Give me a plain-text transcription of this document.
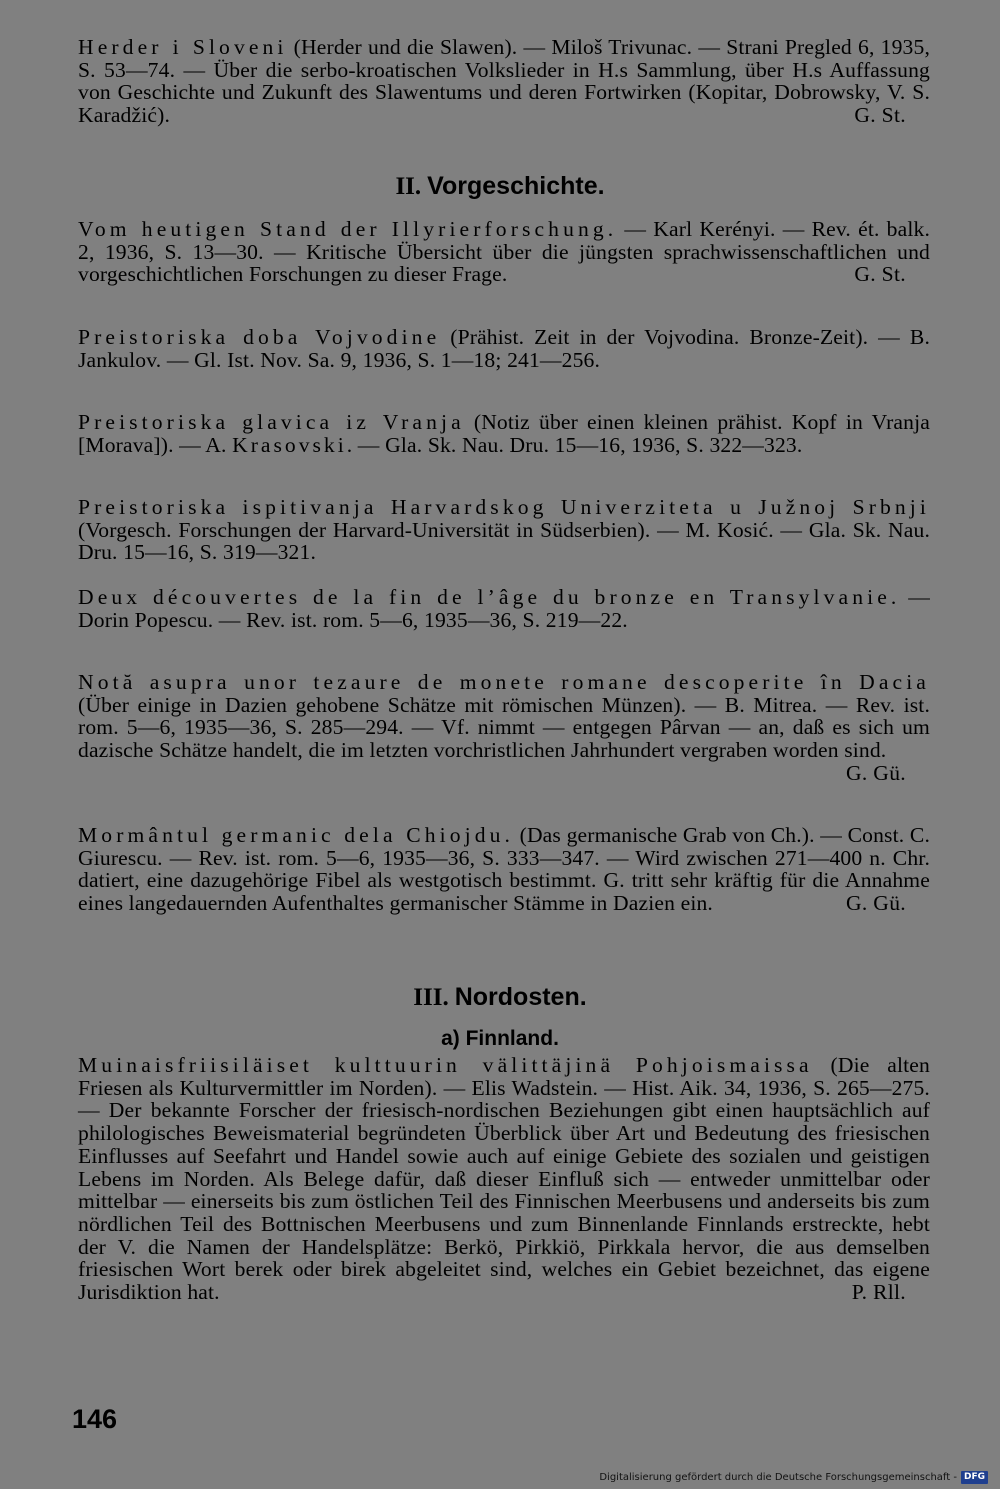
Herder i Sloveni (Herder und die Slawen). — Miloš Trivunac. — Strani Pregled 6, 1935, S. 53—74. — Über die serbo-kroatischen Volkslieder in H.s Sammlung, über H.s Auffassung von Geschichte und Zukunft des Slawentums und deren Fortwirken (Kopitar, Dobrowsky, V. S. Karadžić).	G. St.

II. Vorgeschichte.

Vom heutigen Stand der Illyrierforschung. — Karl Kerényi. — Rev. ét. balk. 2, 1936, S. 13—30. — Kritische Übersicht über die jüngsten sprachwissenschaftlichen und vorgeschichtlichen Forschungen zu dieser Frage.	G. St.

Preistoriska doba Vojvodine (Prähist. Zeit in der Vojvodina. Bronze-Zeit). — B. Jankulov. — Gl. Ist. Nov. Sa. 9, 1936, S. 1—18; 241—256.

Preistoriska glavica iz Vranja (Notiz über einen kleinen prähist. Kopf in Vranja [Morava]). — A. Krasovski. — Gla. Sk. Nau. Dru. 15—16, 1936, S. 322—323.

Preistoriska ispitivanja Harvardskog Univerziteta u Južnoj Srbnji (Vorgesch. Forschungen der Harvard-Universität in Südserbien). — M. Kosić. — Gla. Sk. Nau. Dru. 15—16, S. 319—321.

Deux découvertes de la fin de l’âge du bronze en Transylvanie. — Dorin Popescu. — Rev. ist. rom. 5—6, 1935—36, S. 219—22.

Notă asupra unor tezaure de monete romane descoperite în Dacia (Über einige in Dazien gehobene Schätze mit römischen Münzen). — B. Mitrea. — Rev. ist. rom. 5—6, 1935—36, S. 285—294. — Vf. nimmt — entgegen Pârvan — an, daß es sich um dazische Schätze handelt, die im letzten vorchristlichen Jahrhundert vergraben worden sind.
G. Gü.

Mormântul germanic dela Chiojdu. (Das germanische Grab von Ch.). — Const. C. Giurescu. — Rev. ist. rom. 5—6, 1935—36, S. 333—347. — Wird zwischen 271—400 n. Chr. datiert, eine dazugehörige Fibel als westgotisch bestimmt. G. tritt sehr kräftig für die Annahme eines langedauernden Aufenthaltes germanischer Stämme in Dazien ein.	G. Gü.

III. Nordosten.
a) Finnland.

Muinaisfriisiläiset kulttuurin välittäjinä Pohjoismaissa (Die alten Friesen als Kulturvermittler im Norden). — Elis Wadstein. — Hist. Aik. 34, 1936, S. 265—275. — Der bekannte Forscher der friesisch-nordischen Beziehungen gibt einen hauptsächlich auf philologisches Beweismaterial begründeten Überblick über Art und Bedeutung des friesischen Einflusses auf Seefahrt und Handel sowie auch auf einige Gebiete des sozialen und geistigen Lebens im Norden. Als Belege dafür, daß dieser Einfluß sich — entweder unmittelbar oder mittelbar — einerseits bis zum östlichen Teil des Finnischen Meerbusens und anderseits bis zum nördlichen Teil des Bottnischen Meerbusens und zum Binnenlande Finnlands erstreckte, hebt der V. die Namen der Handelsplätze: Berkö, Pirkkiö, Pirkkala hervor, die aus demselben friesischen Wort berek oder birek abgeleitet sind, welches ein Gebiet bezeichnet, das eigene Jurisdiktion hat.	P. Rll.

146
Digitalisierung gefördert durch die Deutsche Forschungsgemeinschaft - DFG
